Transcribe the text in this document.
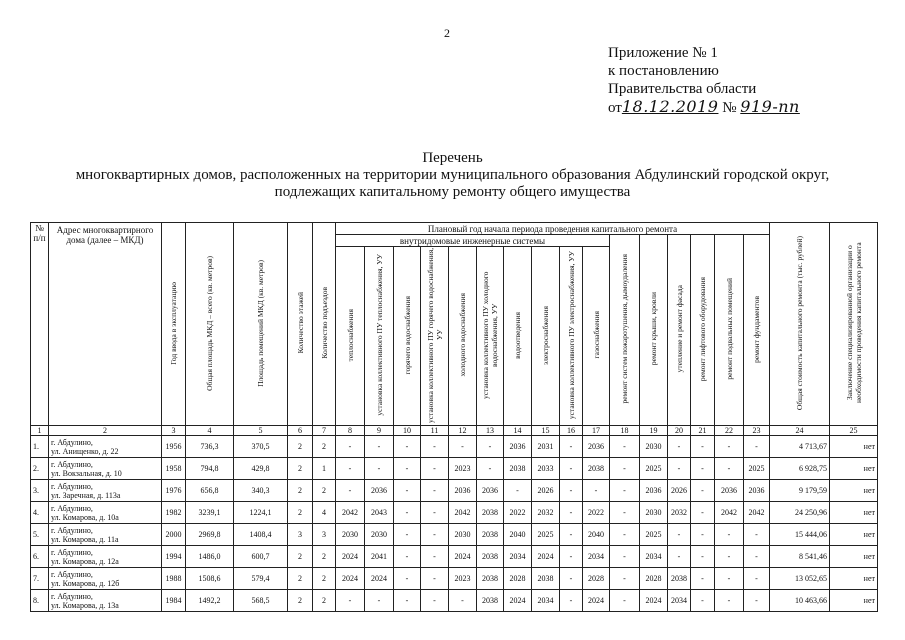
2
Приложение № 1
к постановлению
Правительства области
от18.12.2019 № 919-пп
Перечень
многоквартирных домов, расположенных на территории муниципального образования Абдулинский городской округ,
подлежащих капитальному ремонту общего имущества
№ п/п	Адрес многоквартирного дома (далее – МКД)	Год ввода в эксплуатацию	Общая площадь МКД – всего (кв. метров)	Площадь помещений МКД (кв. метров)	Количество этажей	Количество подъездов	Плановый год начала периода проведения капитального ремонта																Общая стоимость капитального ремонта (тыс. рублей)	Заключение специализированной организации о необходимости проведения капитального ремонта
							внутридомовые инженерные системы										ремонт систем пожаротушения, дымоудаления	ремонт крыши, кровли	утепление и ремонт фасада	ремонт лифтового оборудования	ремонт подвальных помещений	ремонт фундаментов		
							теплоснабжения	установка коллективного ПУ теплоснабжения, УУ	горячего водоснабжения	установка коллективного ПУ горячего водоснабжения, УУ	холодного водоснабжения	установка коллективного ПУ холодного водоснабжения, УУ	водоотведения	электроснабжения	установка коллективного ПУ электроснабжения, УУ	газоснабжения								
1	2	3	4	5	6	7	8	9	10	11	12	13	14	15	16	17	18	19	20	21	22	23	24	25
1.	г. Абдулино,
ул. Анищенко, д. 22	1956	736,3	370,5	2	2	-	-	-	-	-	-	2036	2031	-	2036	-	2030	-	-	-	-	4 713,67	нет
2.	г. Абдулино,
ул. Вокзальная, д. 10	1958	794,8	429,8	2	1	-	-	-	-	2023	-	2038	2033	-	2038	-	2025	-	-	-	2025	6 928,75	нет
3.	г. Абдулино,
ул. Заречная, д. 113а	1976	656,8	340,3	2	2	-	2036	-	-	2036	2036	-	2026	-	-	-	2036	2026	-	2036	2036	9 179,59	нет
4.	г. Абдулино,
ул. Комарова, д. 10а	1982	3239,1	1224,1	2	4	2042	2043	-	-	2042	2038	2022	2032	-	2022	-	2030	2032	-	2042	2042	24 250,96	нет
5.	г. Абдулино,
ул. Комарова, д. 11а	2000	2969,8	1408,4	3	3	2030	2030	-	-	2030	2038	2040	2025	-	2040	-	2025	-	-	-	-	15 444,06	нет
6.	г. Абдулино,
ул. Комарова, д. 12а	1994	1486,0	600,7	2	2	2024	2041	-	-	2024	2038	2034	2024	-	2034	-	2034	-	-	-	-	8 541,46	нет
7.	г. Абдулино,
ул. Комарова, д. 12б	1988	1508,6	579,4	2	2	2024	2024	-	-	2023	2038	2028	2038	-	2028	-	2028	2038	-	-	-	13 052,65	нет
8.	г. Абдулино,
ул. Комарова, д. 13а	1984	1492,2	568,5	2	2	-	-	-	-	-	2038	2024	2034	-	2024	-	2024	2034	-	-	-	10 463,66	нет
